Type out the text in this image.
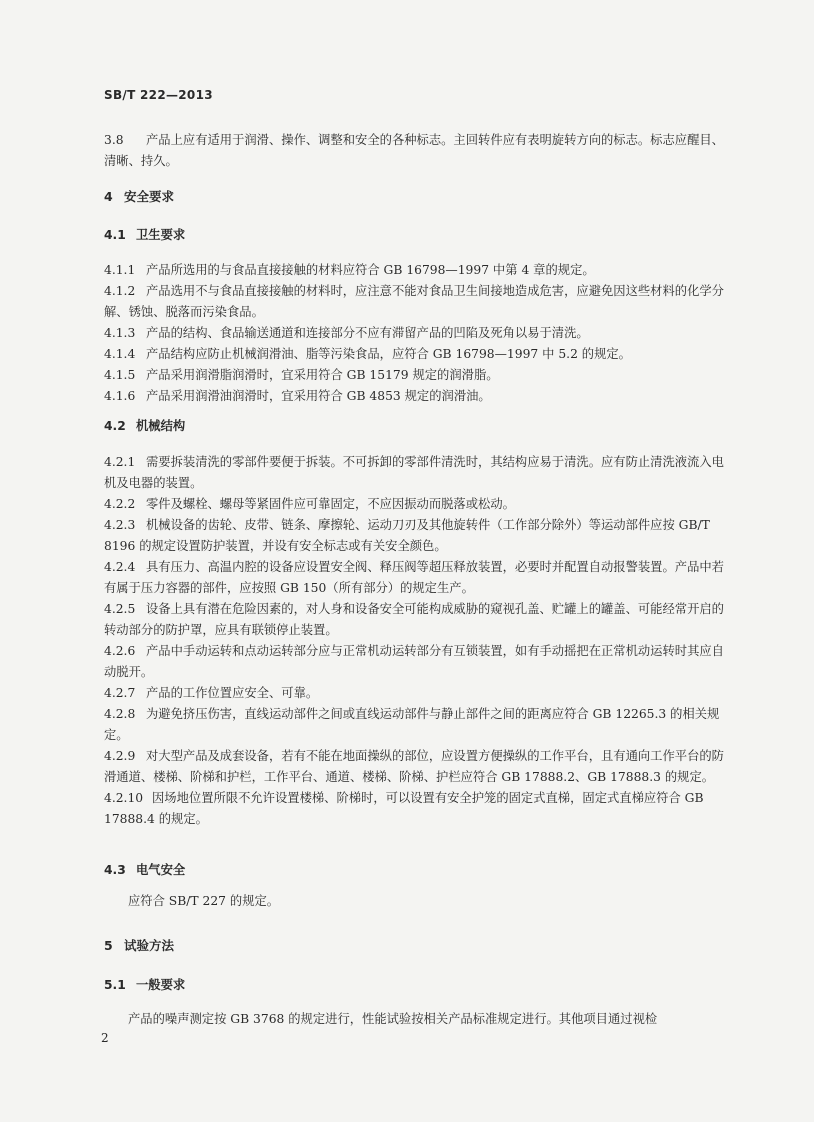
SB/T 222—2013

3.8 产品上应有适用于润滑、操作、调整和安全的各种标志。主回转件应有表明旋转方向的标志。标志应醒目、清晰、持久。

4 安全要求
4.1 卫生要求

4.1.1 产品所选用的与食品直接接触的材料应符合 GB 16798—1997 中第 4 章的规定。

4.1.2 产品选用不与食品直接接触的材料时，应注意不能对食品卫生间接地造成危害，应避免因这些材料的化学分解、锈蚀、脱落而污染食品。

4.1.3 产品的结构、食品输送通道和连接部分不应有滞留产品的凹陷及死角以易于清洗。

4.1.4 产品结构应防止机械润滑油、脂等污染食品，应符合 GB 16798—1997 中 5.2 的规定。

4.1.5 产品采用润滑脂润滑时，宜采用符合 GB 15179 规定的润滑脂。

4.1.6 产品采用润滑油润滑时，宜采用符合 GB 4853 规定的润滑油。

4.2 机械结构

4.2.1 需要拆装清洗的零部件要便于拆装。不可拆卸的零部件清洗时，其结构应易于清洗。应有防止清洗液流入电机及电器的装置。

4.2.2 零件及螺栓、螺母等紧固件应可靠固定，不应因振动而脱落或松动。

4.2.3 机械设备的齿轮、皮带、链条、摩擦轮、运动刀刃及其他旋转件（工作部分除外）等运动部件应按 GB/T 8196 的规定设置防护装置，并设有安全标志或有关安全颜色。

4.2.4 具有压力、高温内腔的设备应设置安全阀、释压阀等超压释放装置，必要时并配置自动报警装置。产品中若有属于压力容器的部件，应按照 GB 150（所有部分）的规定生产。

4.2.5 设备上具有潜在危险因素的，对人身和设备安全可能构成威胁的窥视孔盖、贮罐上的罐盖、可能经常开启的转动部分的防护罩，应具有联锁停止装置。

4.2.6 产品中手动运转和点动运转部分应与正常机动运转部分有互锁装置，如有手动摇把在正常机动运转时其应自动脱开。

4.2.7 产品的工作位置应安全、可靠。

4.2.8 为避免挤压伤害，直线运动部件之间或直线运动部件与静止部件之间的距离应符合 GB 12265.3 的相关规定。

4.2.9 对大型产品及成套设备，若有不能在地面操纵的部位，应设置方便操纵的工作平台，且有通向工作平台的防滑通道、楼梯、阶梯和护栏，工作平台、通道、楼梯、阶梯、护栏应符合 GB 17888.2、GB 17888.3 的规定。

4.2.10 因场地位置所限不允许设置楼梯、阶梯时，可以设置有安全护笼的固定式直梯，固定式直梯应符合 GB 17888.4 的规定。

4.3 电气安全
应符合 SB/T 227 的规定。
5 试验方法
5.1 一般要求
产品的噪声测定按 GB 3768 的规定进行，性能试验按相关产品标准规定进行。其他项目通过视检
2
